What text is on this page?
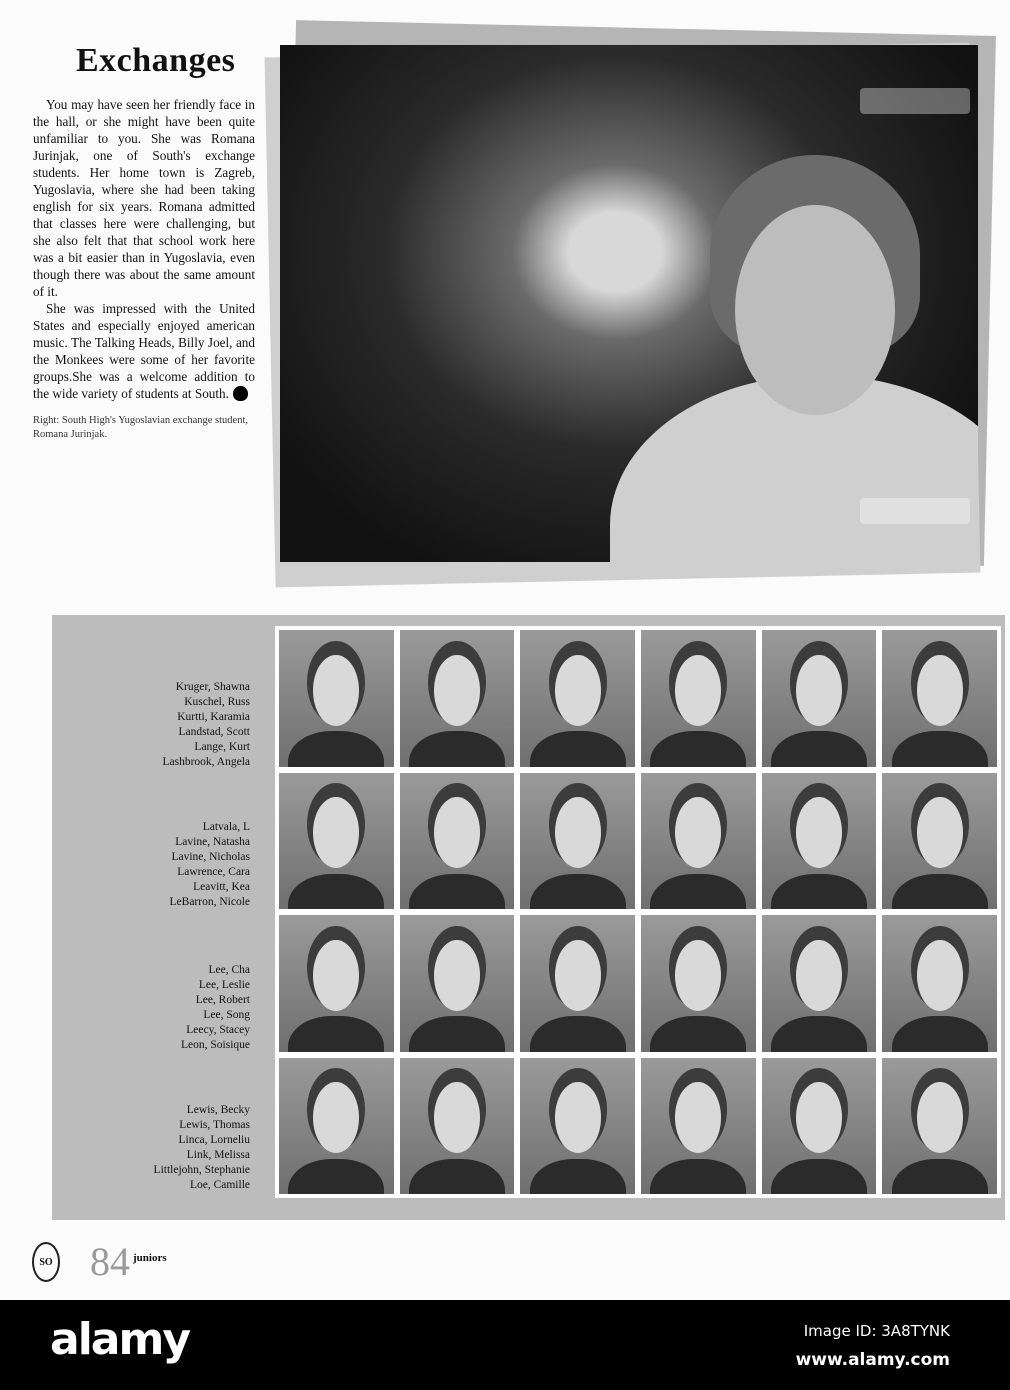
Exchanges

You may have seen her friendly face in the hall, or she might have been quite unfamiliar to you. She was Romana Jurinjak, one of South's exchange students. Her home town is Zagreb, Yugoslavia, where she had been taking english for six years. Romana admitted that classes here were challenging, but she also felt that that school work here was a bit easier than in Yugoslavia, even though there was about the same amount of it.

She was impressed with the United States and especially enjoyed american music. The Talking Heads, Billy Joel, and the Monkees were some of her favorite groups.She was a welcome addition to the wide variety of students at South.

Right: South High's Yugoslavian exchange student, Romana Jurinjak.
Kruger, Shawna
Kuschel, Russ
Kurtti, Karamia
Landstad, Scott
Lange, Kurt
Lashbrook, Angela
Latvala, L
Lavine, Natasha
Lavine, Nicholas
Lawrence, Cara
Leavitt, Kea
LeBarron, Nicole
Lee, Cha
Lee, Leslie
Lee, Robert
Lee, Song
Leecy, Stacey
Leon, Soisique
Lewis, Becky
Lewis, Thomas
Linca, Lorneliu
Link, Melissa
Littlejohn, Stephanie
Loe, Camille
SO 84 juniors
alamy	Image ID: 3A8TYNK
www.alamy.com
